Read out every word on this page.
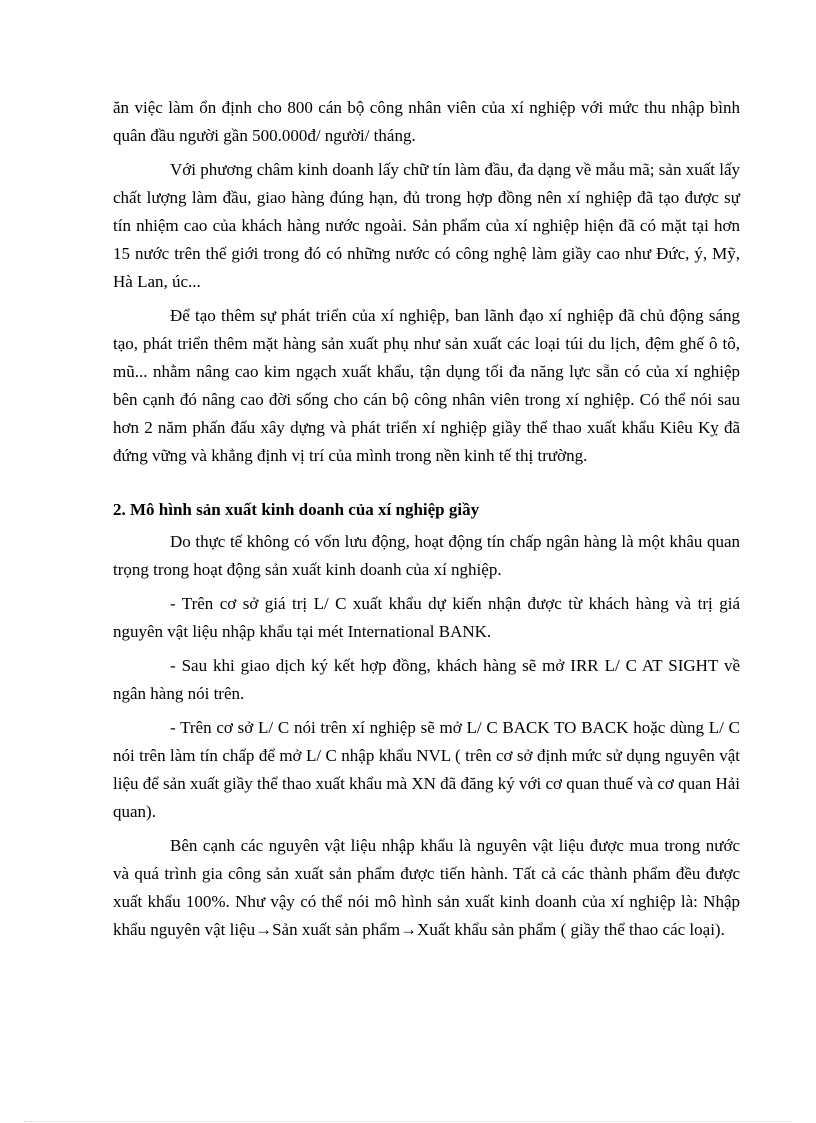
ăn việc làm ổn định cho 800 cán bộ công nhân viên của xí nghiệp với mức thu nhập bình quân đầu người gần 500.000đ/ người/ tháng.

Với phương châm kinh doanh lấy chữ tín làm đầu, đa dạng về mẫu mã; sản xuất lấy chất lượng làm đầu, giao hàng đúng hạn, đủ trong hợp đồng nên xí nghiệp đã tạo được sự tín nhiệm cao của khách hàng nước ngoài. Sản phẩm của xí nghiệp hiện đã có mặt tại hơn 15 nước trên thế giới trong đó có những nước có công nghệ làm giầy cao như Đức, ý, Mỹ, Hà Lan, úc...

Để tạo thêm sự phát triển của xí nghiệp, ban lãnh đạo xí nghiệp đã chủ động sáng tạo, phát triển thêm mặt hàng sản xuất phụ như sản xuất các loại túi du lịch, đệm ghế ô tô, mũ... nhằm nâng cao kim ngạch xuất khẩu, tận dụng tối đa năng lực sẵn có của xí nghiệp bên cạnh đó nâng cao đời sống cho cán bộ công nhân viên trong xí nghiệp. Có thể nói sau hơn 2 năm phấn đấu xây dựng và phát triển xí nghiệp giầy thể thao xuất khẩu Kiêu Kỵ đã đứng vững và khẳng định vị trí của mình trong nền kinh tế thị trường.

2. Mô hình sản xuất kinh doanh của xí nghiệp giầy

Do thực tế không có vốn lưu động, hoạt động tín chấp ngân hàng là một khâu quan trọng trong hoạt động sản xuất kinh doanh của xí nghiệp.

- Trên cơ sở giá trị L/ C xuất khẩu dự kiến nhận được từ khách hàng và trị giá nguyên vật liệu nhập khẩu tại mét International BANK.

- Sau khi giao dịch ký kết hợp đồng, khách hàng sẽ mở IRR L/ C AT SIGHT về ngân hàng nói trên.

- Trên cơ sở L/ C nói trên xí nghiệp sẽ mở L/ C BACK TO BACK hoặc dùng L/ C nói trên làm tín chấp để mở L/ C nhập khẩu NVL ( trên cơ sở định mức sử dụng nguyên vật liệu để sản xuất giầy thể thao xuất khẩu mà XN đã đăng ký với cơ quan thuế và cơ quan Hải quan).

Bên cạnh các nguyên vật liệu nhập khẩu là nguyên vật liệu được mua trong nước và quá trình gia công sản xuất sản phẩm được tiến hành. Tất cả các thành phẩm đều được xuất khẩu 100%. Như vậy có thể nói mô hình sản xuất kinh doanh của xí nghiệp là: Nhập khẩu nguyên vật liệu→Sản xuất sản phẩm→Xuất khẩu sản phẩm ( giầy thể thao các loại).
